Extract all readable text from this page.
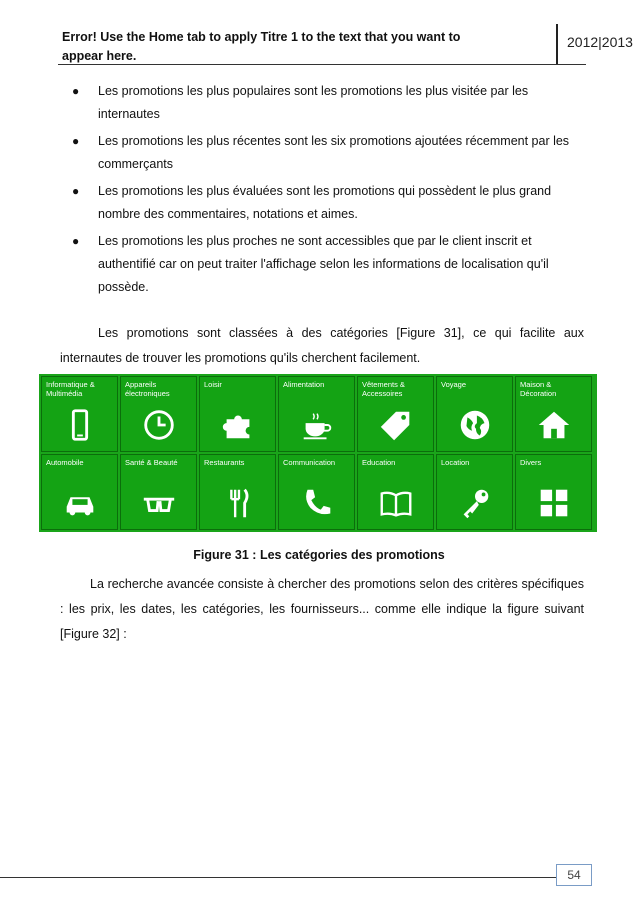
Error! Use the Home tab to apply Titre 1 to the text that you want to appear here.
2012|2013
● Les promotions les plus populaires sont les promotions les plus visitée par les internautes
● Les promotions les plus récentes sont les six promotions ajoutées récemment par les commerçants
● Les promotions les plus évaluées sont les promotions qui possèdent le plus grand nombre des commentaires, notations et aimes.
● Les promotions les plus proches ne sont accessibles que par le client inscrit et authentifié car on peut traiter l'affichage selon les informations de localisation qu'il possède.

Les promotions sont classées à des catégories [Figure 31], ce qui facilite aux internautes de trouver les promotions qu'ils cherchent facilement.

Informatique & Multimédia
Appareils électroniques
Loisir	Alimentation	Vêtements & Accessoires
Voyage	Maison & Décoration
Automobile	Santé & Beauté	Restaurants	Communication	Education	Location	Divers
Figure 31 : Les catégories des promotions

La recherche avancée consiste à chercher des promotions selon des critères spécifiques : les prix, les dates, les catégories, les fournisseurs... comme elle indique la figure suivant [Figure 32] :

54
